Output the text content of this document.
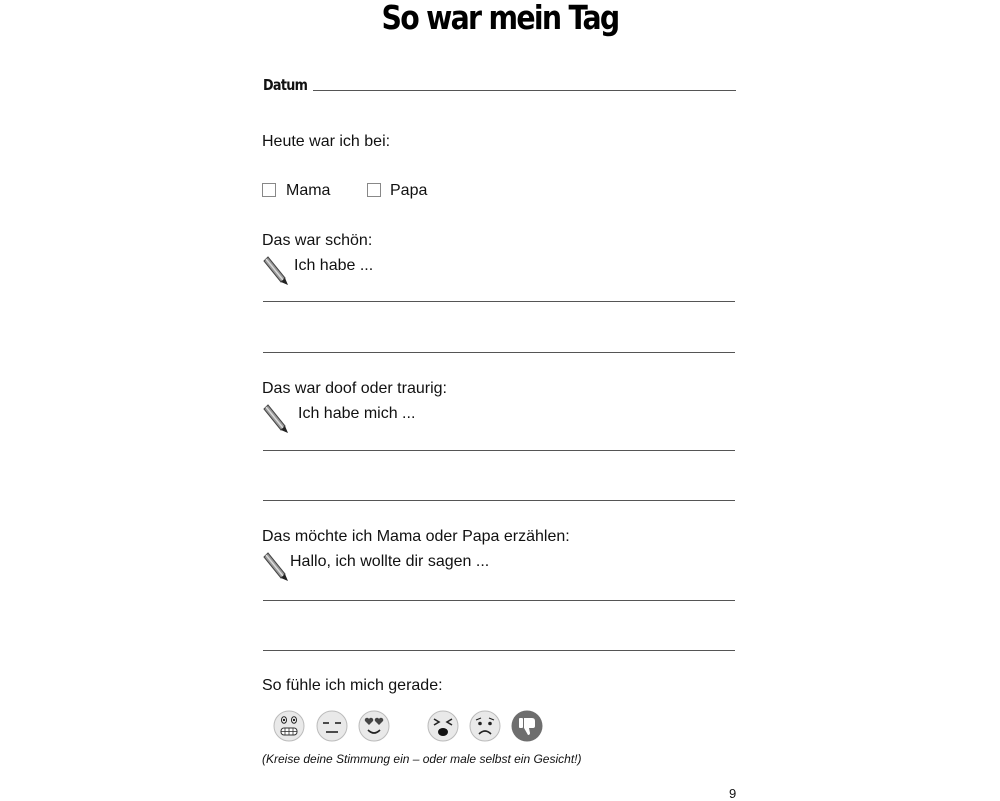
So war mein Tag
Datum
Heute war ich bei:
Mama	Papa
Das war schön:
Ich habe ...
Das war doof oder traurig:
Ich habe mich ...
Das möchte ich Mama oder Papa erzählen:
Hallo, ich wollte dir sagen ...
So fühle ich mich gerade:
(Kreise deine Stimmung ein – oder male selbst ein Gesicht!)
9
